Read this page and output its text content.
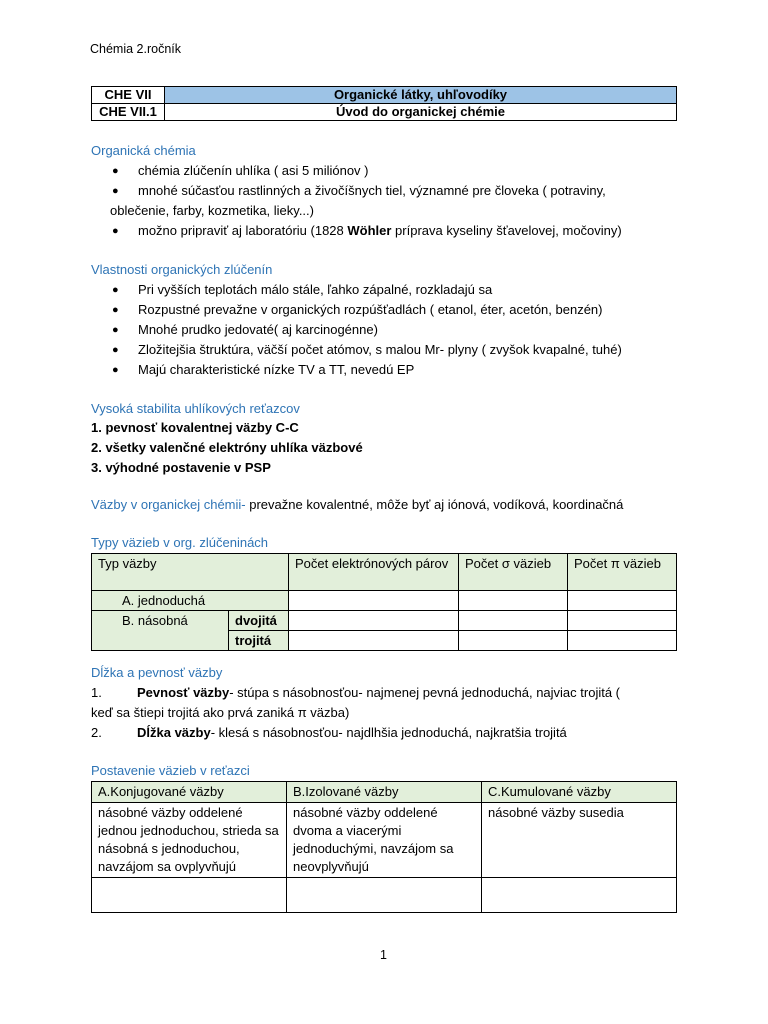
Chémia 2.ročník
CHE VII	Organické látky, uhľovodíky
CHE VII.1	Úvod do organickej chémie
Organická chémia
● chémia zlúčenín uhlíka ( asi 5 miliónov )
● mnohé súčasťou rastlinných a živočíšnych tiel, významné pre človeka ( potraviny,
oblečenie, farby, kozmetika, lieky...)
● možno pripraviť aj laboratóriu (1828 Wöhler príprava kyseliny šťavelovej, močoviny)
Vlastnosti organických zlúčenín
● Pri vyšších teplotách málo stále, ľahko zápalné, rozkladajú sa
● Rozpustné prevažne v organických rozpúšťadlách ( etanol, éter, acetón, benzén)
● Mnohé prudko jedovaté( aj karcinogénne)
● Zložitejšia štruktúra, väčší počet atómov, s malou Mr- plyny ( zvyšok kvapalné, tuhé)
● Majú charakteristické nízke TV a TT, nevedú EP
Vysoká stabilita uhlíkových reťazcov
1. pevnosť kovalentnej väzby C-C
2. všetky valenčné elektróny uhlíka väzbové
3. výhodné postavenie v PSP
Väzby v organickej chémii- prevažne kovalentné, môže byť aj iónová, vodíková, koordinačná
Typy väzieb v org. zlúčeninách
Typ väzby		Počet elektrónových párov	Počet σ väzieb	Počet π väzieb
A. jednoduchá				
B. násobná	dvojitá			
	trojitá			
Dĺžka a pevnosť väzby
1.	Pevnosť väzby- stúpa s násobnosťou- najmenej pevná jednoduchá, najviac trojitá (
keď sa štiepi trojitá ako prvá zaniká π väzba)
2.	Dĺžka väzby- klesá s násobnosťou- najdlhšia jednoduchá, najkratšia trojitá
Postavenie väzieb v reťazci
A.Konjugované väzby	B.Izolované väzby	C.Kumulované väzby
násobné väzby oddelené jednou jednoduchou, strieda sa násobná s jednoduchou, navzájom sa ovplyvňujú	násobné väzby oddelené dvoma a viacerými jednoduchými, navzájom sa neovplyvňujú	násobné väzby susedia

1
